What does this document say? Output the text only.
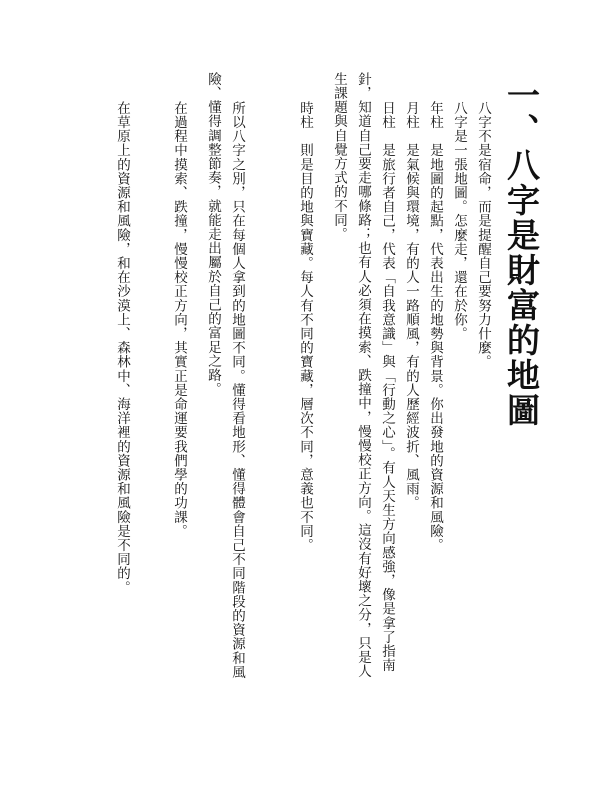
一、八字是財富的地圖
八字不是宿命，而是提醒自己要努力什麼。
八字是一張地圖。怎麼走，還在於你。
年柱　是地圖的起點，代表出生的地勢與背景。你出發地的資源和風險。
月柱　是氣候與環境，有的人一路順風，有的人歷經波折、風雨。
日柱　是旅行者自己，代表「自我意識」與「行動之心」。有人天生方向感強，像是拿了指南
針，知道自己要走哪條路；也有人必須在摸索、跌撞中，慢慢校正方向。這沒有好壞之分，只是人
生課題與自覺方式的不同。
時柱　則是目的地與寶藏。每人有不同的寶藏，層次不同，意義也不同。
所以八字之別，只在每個人拿到的地圖不同。懂得看地形、懂得體會自己不同階段的資源和風
險、懂得調整節奏，就能走出屬於自己的富足之路。
在過程中摸索、跌撞，慢慢校正方向，其實正是命運要我們學的功課。
在草原上的資源和風險，和在沙漠上、森林中、海洋裡的資源和風險是不同的。
